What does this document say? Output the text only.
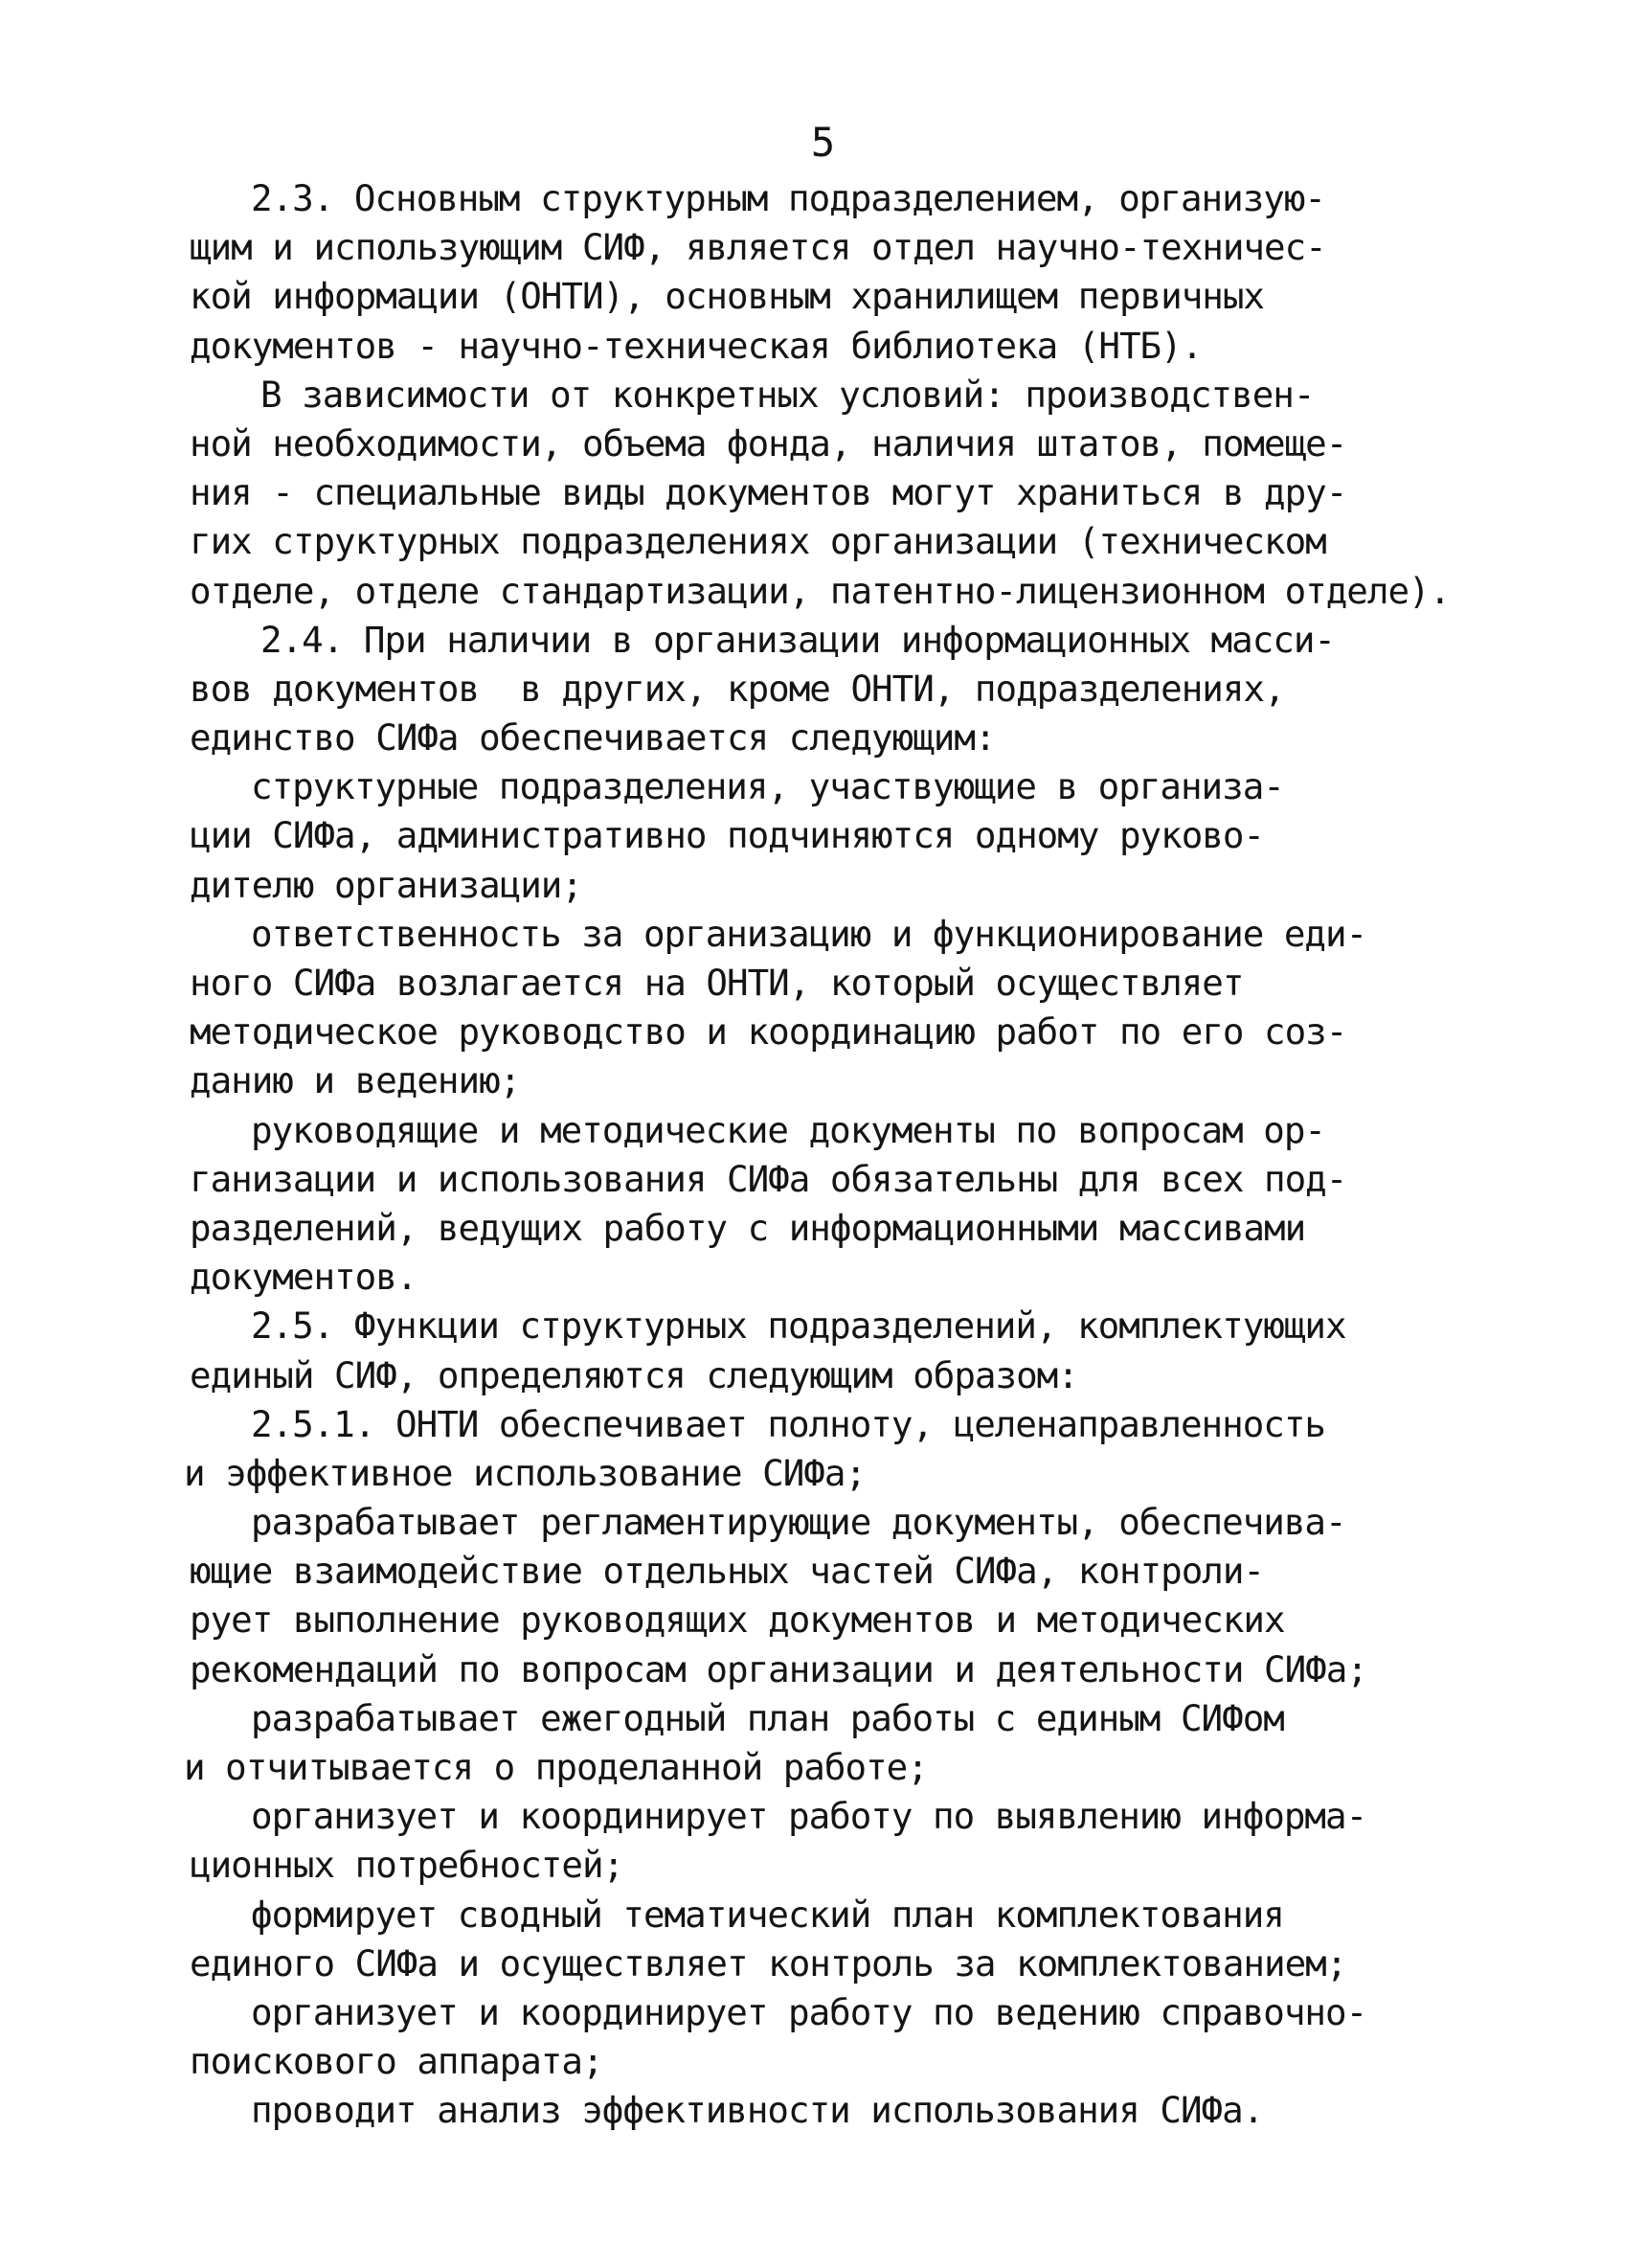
5
2.3. Основным структурным подразделением, организую-
щим и использующим СИФ, является отдел научно-техничес-
кой информации (ОНТИ), основным хранилищем первичных
документов - научно-техническая библиотека (НТБ).
В зависимости от конкретных условий: производствен-
ной необходимости, объема фонда, наличия штатов, помеще-
ния - специальные виды документов могут храниться в дру-
гих структурных подразделениях организации (техническом
отделе, отделе стандартизации, патентно-лицензионном отделе).
2.4. При наличии в организации информационных масси-
вов документов  в других, кроме ОНТИ, подразделениях,
единство СИФа обеспечивается следующим:
структурные подразделения, участвующие в организа-
ции СИФа, административно подчиняются одному руково-
дителю организации;
ответственность за организацию и функционирование еди-
ного СИФа возлагается на ОНТИ, который осуществляет
методическое руководство и координацию работ по его соз-
данию и ведению;
руководящие и методические документы по вопросам ор-
ганизации и использования СИФа обязательны для всех под-
разделений, ведущих работу с информационными массивами
документов.
2.5. Функции структурных подразделений, комплектующих
единый СИФ, определяются следующим образом:
2.5.1. ОНТИ обеспечивает полноту, целенаправленность
и эффективное использование СИФа;
разрабатывает регламентирующие документы, обеспечива-
ющие взаимодействие отдельных частей СИФа, контроли-
рует выполнение руководящих документов и методических
рекомендаций по вопросам организации и деятельности СИФа;
разрабатывает ежегодный план работы с единым СИФом
и отчитывается о проделанной работе;
организует и координирует работу по выявлению информа-
ционных потребностей;
формирует сводный тематический план комплектования
единого СИФа и осуществляет контроль за комплектованием;
организует и координирует работу по ведению справочно-
поискового аппарата;
проводит анализ эффективности использования СИФа.
